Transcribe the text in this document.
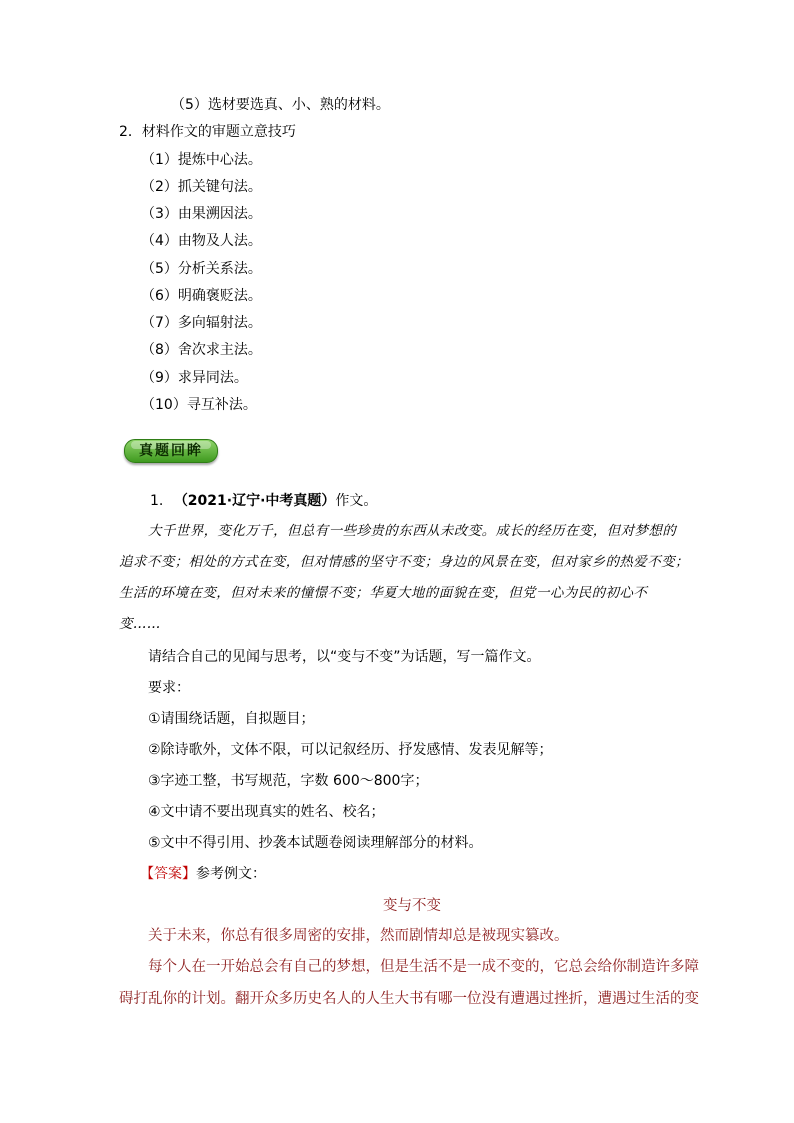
（5）选材要选真、小、熟的材料。
2．材料作文的审题立意技巧
（1）提炼中心法。
（2）抓关键句法。
（3）由果溯因法。
（4）由物及人法。
（5）分析关系法。
（6）明确褒贬法。
（7）多向辐射法。
（8）舍次求主法。
（9）求异同法。
（10）寻互补法。
真题回眸
1. （2021·辽宁·中考真题）作文。
大千世界，变化万千，但总有一些珍贵的东西从未改变。成长的经历在变，但对梦想的
追求不变；相处的方式在变，但对情感的坚守不变；身边的风景在变，但对家乡的热爱不变；
生活的环境在变，但对未来的憧憬不变；华夏大地的面貌在变，但党一心为民的初心不
变……
请结合自己的见闻与思考，以“变与不变”为话题，写一篇作文。
要求：
①请围绕话题，自拟题目；
②除诗歌外，文体不限，可以记叙经历、抒发感情、发表见解等；
③字迹工整，书写规范，字数 600～800字；
④文中请不要出现真实的姓名、校名；
⑤文中不得引用、抄袭本试题卷阅读理解部分的材料。
【答案】参考例文：
变与不变
关于未来，你总有很多周密的安排，然而剧情却总是被现实篡改。
每个人在一开始总会有自己的梦想，但是生活不是一成不变的，它总会给你制造许多障
碍打乱你的计划。翻开众多历史名人的人生大书有哪一位没有遭遇过挫折，遭遇过生活的变
